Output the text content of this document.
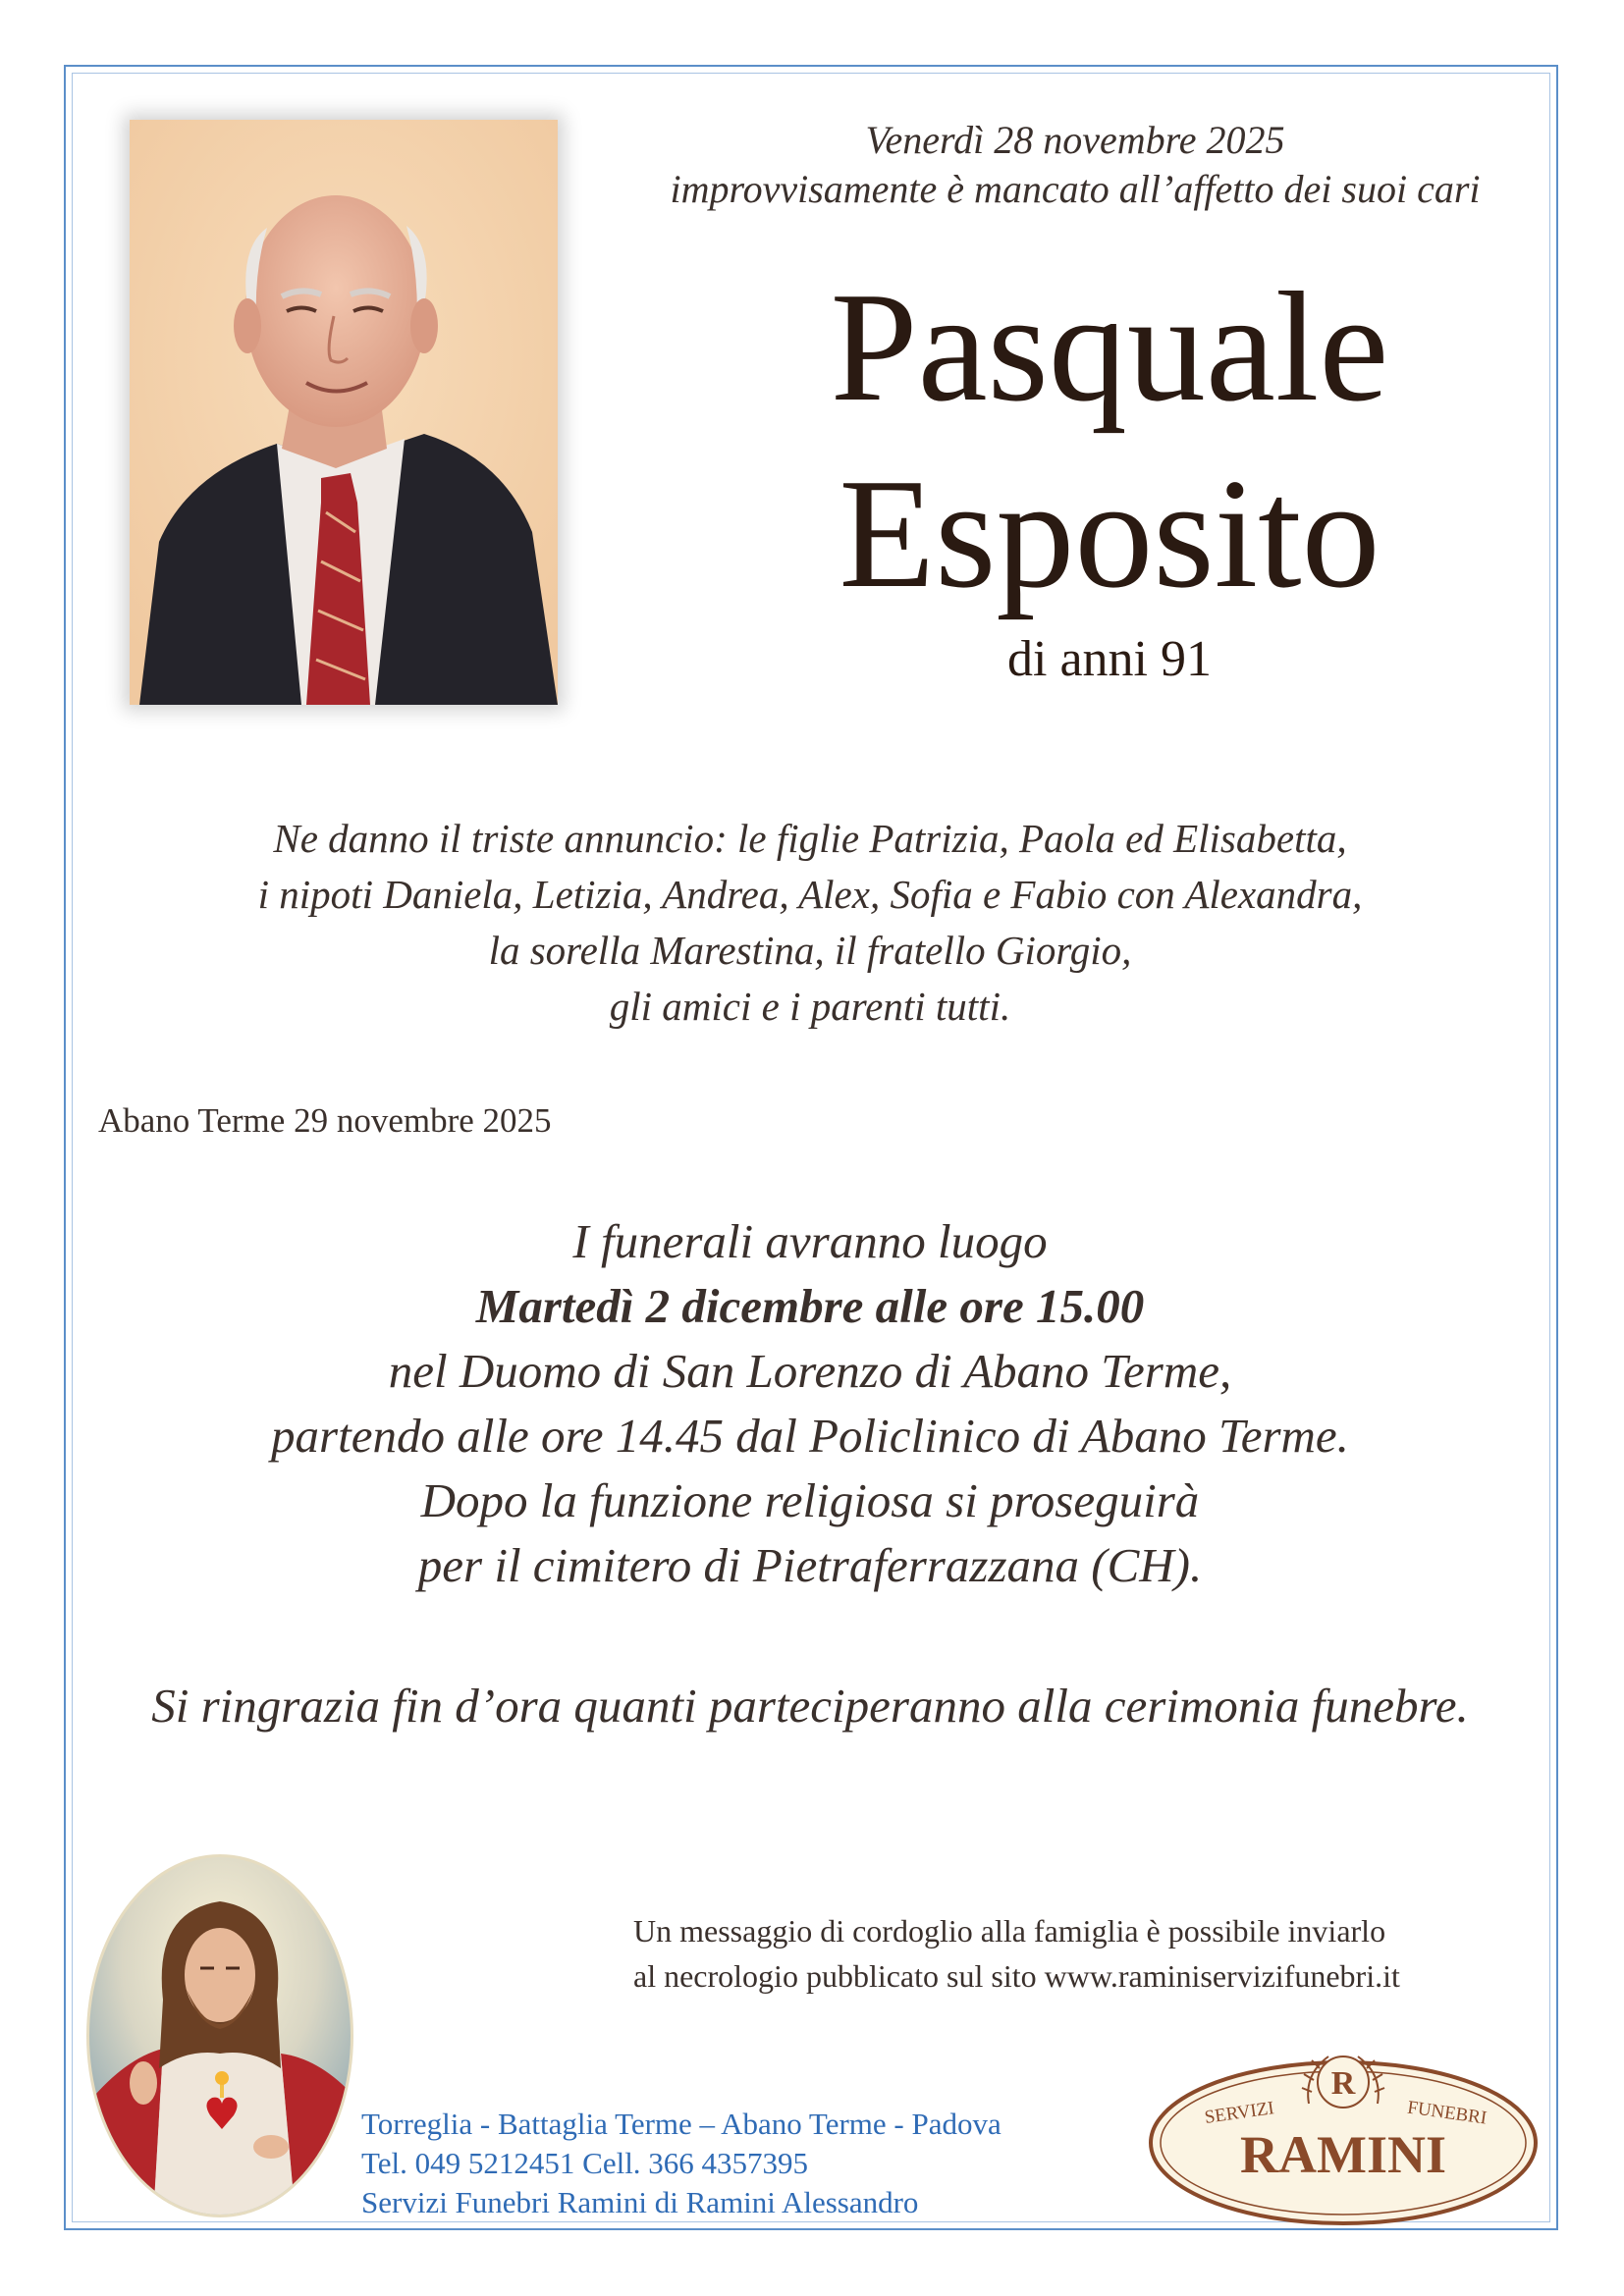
Venerdì 28 novembre 2025
improvvisamente è mancato all’affetto dei suoi cari
Pasquale
Esposito
di anni 91
Ne danno il triste annuncio: le figlie Patrizia, Paola ed Elisabetta,
i nipoti Daniela, Letizia, Andrea, Alex, Sofia e Fabio con Alexandra,
la sorella Marestina, il fratello Giorgio,
gli amici e i parenti tutti.
Abano Terme 29 novembre 2025
I funerali avranno luogo
Martedì 2 dicembre alle ore 15.00
nel Duomo di San Lorenzo di Abano Terme,
partendo alle ore 14.45 dal Policlinico di Abano Terme.
Dopo la funzione religiosa si proseguirà
per il cimitero di Pietraferrazzana (CH).
Si ringrazia fin d’ora quanti parteciperanno alla cerimonia funebre.
Un messaggio di cordoglio alla famiglia è possibile inviarlo
al necrologio pubblicato sul sito www.raminiservizifunebri.it
Torreglia - Battaglia Terme – Abano Terme - Padova
Tel. 049 5212451 Cell. 366 4357395
Servizi Funebri Ramini di Ramini Alessandro
R
SERVIZI	FUNEBRI
RAMINI
